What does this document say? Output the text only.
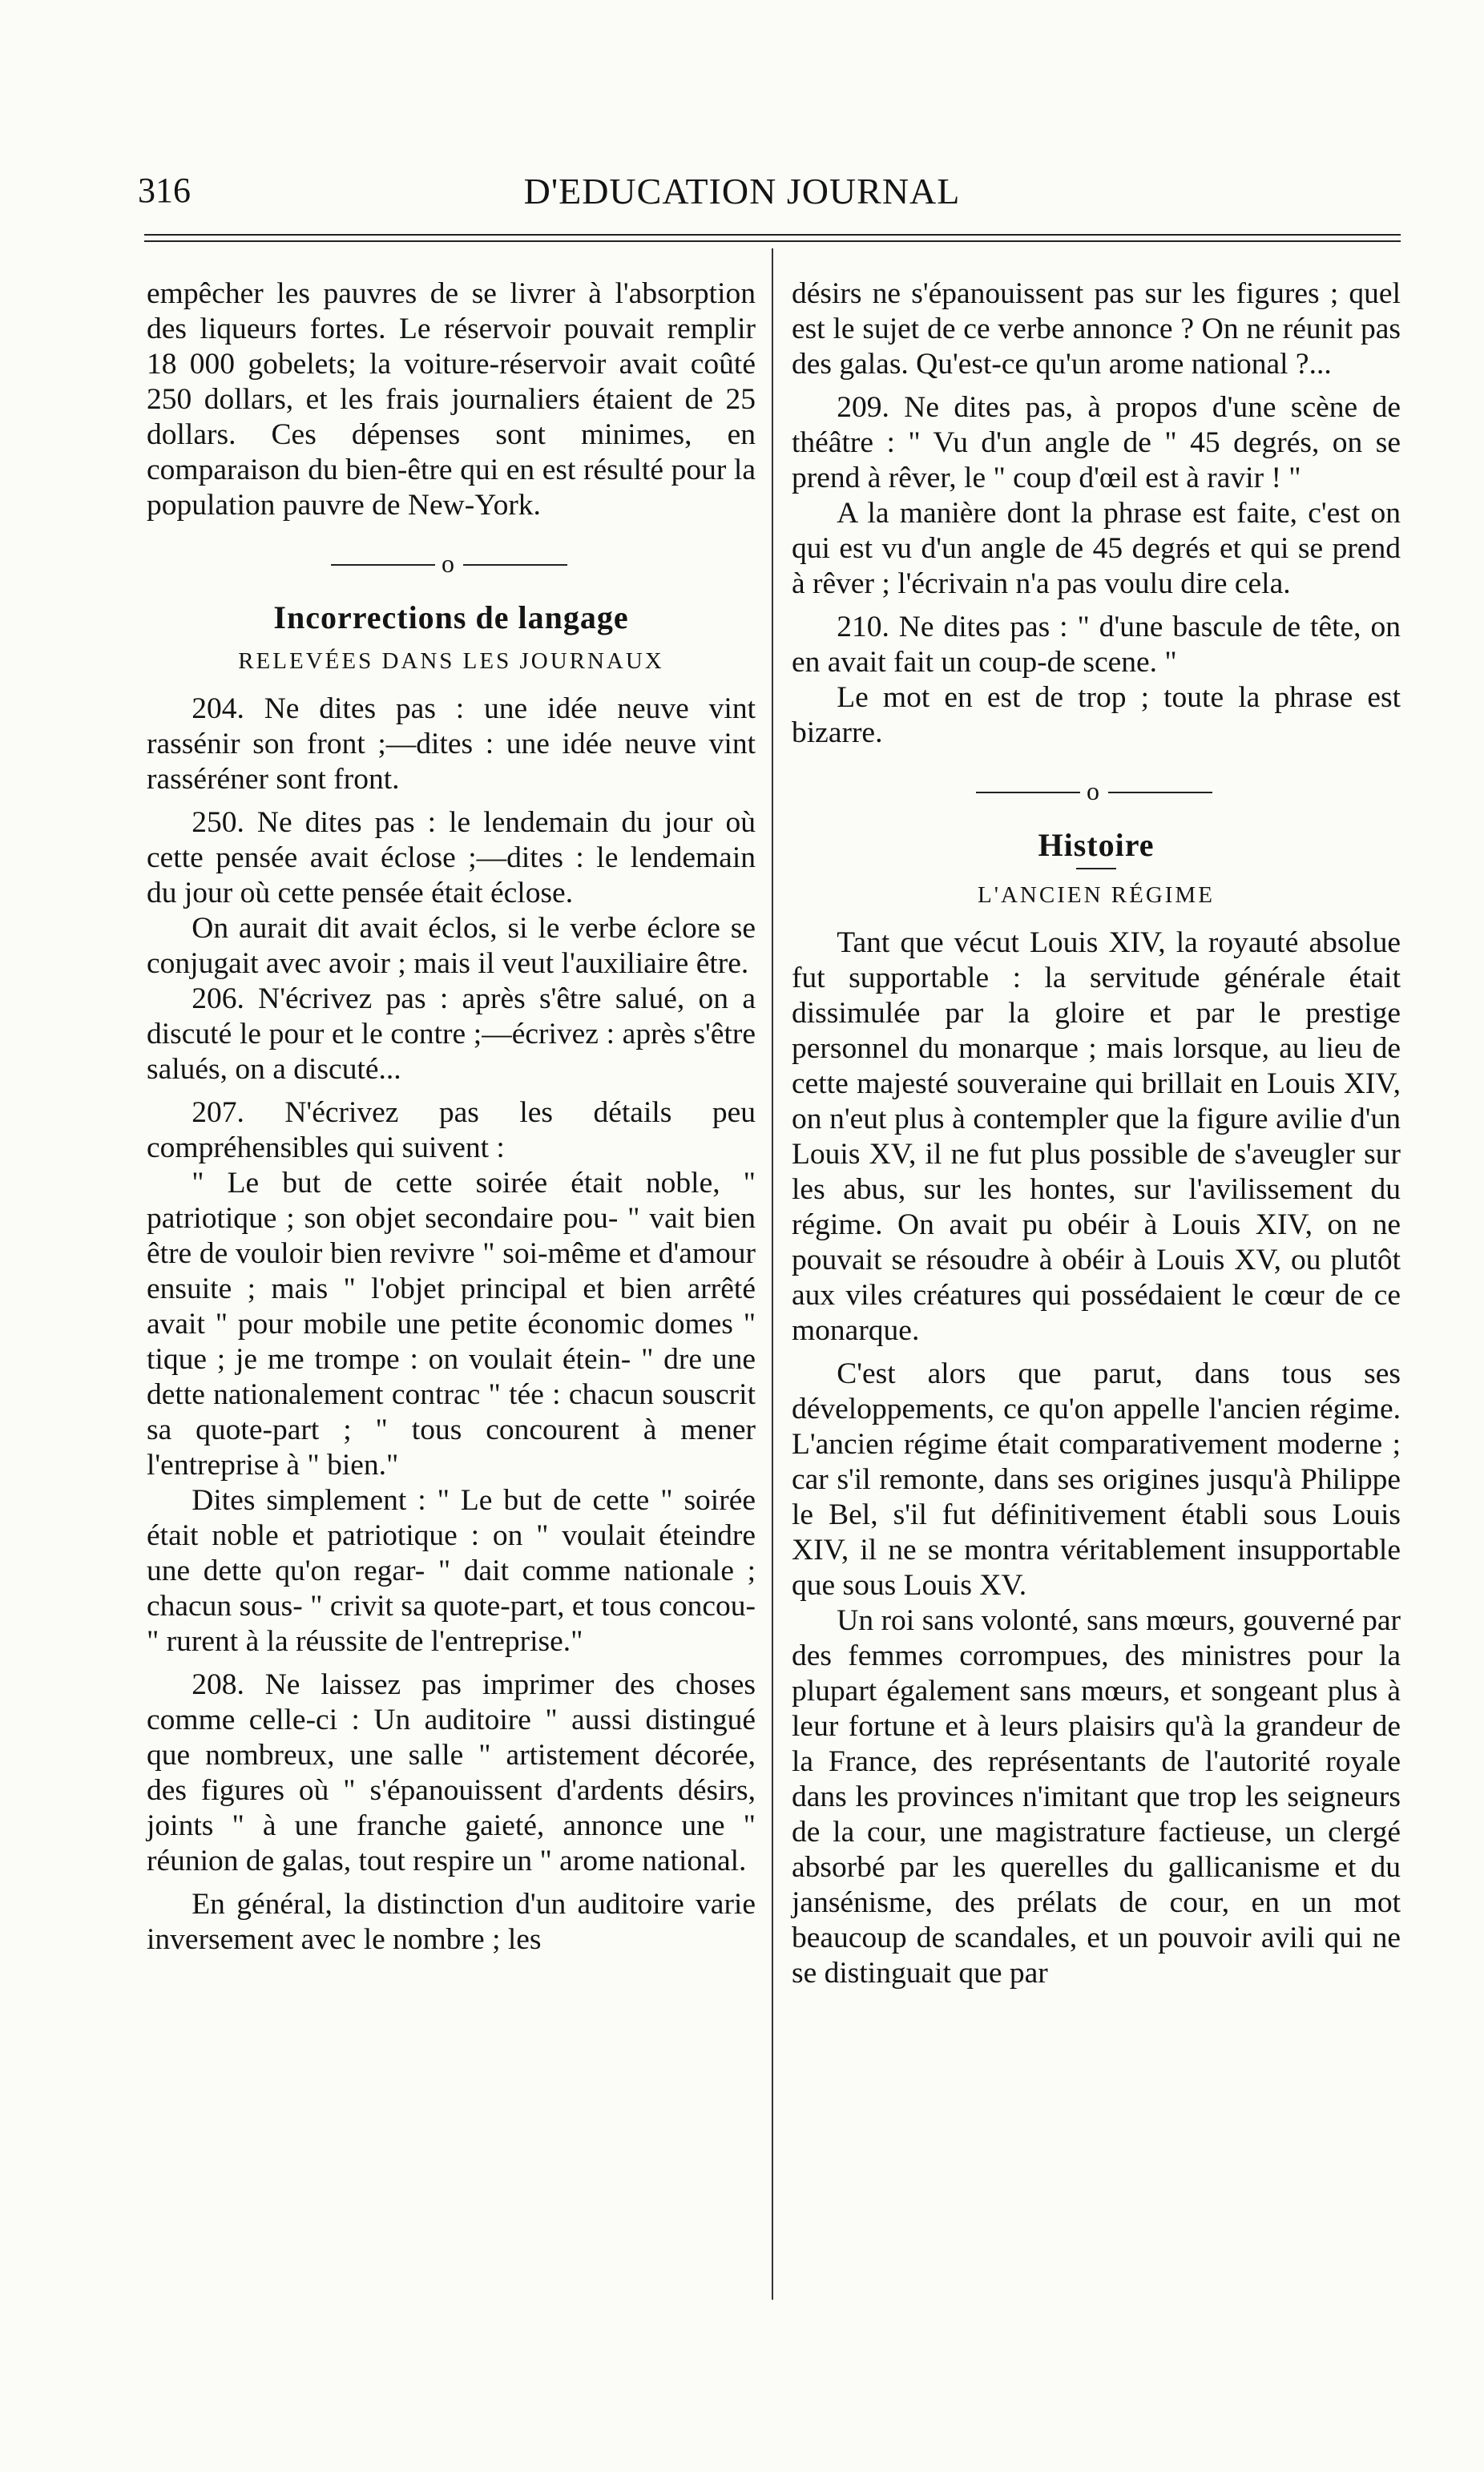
316	D'EDUCATION JOURNAL

empêcher les pauvres de se livrer à l'absorption des liqueurs fortes. Le réservoir pouvait remplir 18 000 gobelets; la voiture-réservoir avait coûté 250 dollars, et les frais journaliers étaient de 25 dollars. Ces dépenses sont minimes, en comparaison du bien-être qui en est résulté pour la population pauvre de New-York.

o

Incorrections de langage

RELEVÉES DANS LES JOURNAUX

204. Ne dites pas : une idée neuve vint rassénir son front ;—dites : une idée neuve vint rasséréner sont front.

250. Ne dites pas : le lendemain du jour où cette pensée avait éclose ;—dites : le lendemain du jour où cette pensée était éclose.

On aurait dit avait éclos, si le verbe éclore se conjugait avec avoir ; mais il veut l'auxiliaire être.

206. N'écrivez pas : après s'être salué, on a discuté le pour et le contre ;—écrivez : après s'être salués, on a discuté...

207. N'écrivez pas les détails peu compréhensibles qui suivent :

" Le but de cette soirée était noble, " patriotique ; son objet secondaire pou- " vait bien être de vouloir bien revivre " soi-même et d'amour ensuite ; mais " l'objet principal et bien arrêté avait " pour mobile une petite économic domes " tique ; je me trompe : on voulait étein- " dre une dette nationalement contrac " tée : chacun souscrit sa quote-part ; " tous concourent à mener l'entreprise à " bien."

Dites simplement : " Le but de cette " soirée était noble et patriotique : on " voulait éteindre une dette qu'on regar- " dait comme nationale ; chacun sous- " crivit sa quote-part, et tous concou- " rurent à la réussite de l'entreprise."

208. Ne laissez pas imprimer des choses comme celle-ci : Un auditoire " aussi distingué que nombreux, une salle " artistement décorée, des figures où " s'épanouissent d'ardents désirs, joints " à une franche gaieté, annonce une " réunion de galas, tout respire un " arome national.

En général, la distinction d'un auditoire varie inversement avec le nombre ; les

désirs ne s'épanouissent pas sur les figures ; quel est le sujet de ce verbe annonce ? On ne réunit pas des galas. Qu'est-ce qu'un arome national ?...

209. Ne dites pas, à propos d'une scène de théâtre : " Vu d'un angle de " 45 degrés, on se prend à rêver, le " coup d'œil est à ravir ! "

A la manière dont la phrase est faite, c'est on qui est vu d'un angle de 45 degrés et qui se prend à rêver ; l'écrivain n'a pas voulu dire cela.

210. Ne dites pas : " d'une bascule de tête, on en avait fait un coup-de scene. "

Le mot en est de trop ; toute la phrase est bizarre.

o

Histoire

L'ANCIEN RÉGIME

Tant que vécut Louis XIV, la royauté absolue fut supportable : la servitude générale était dissimulée par la gloire et par le prestige personnel du monarque ; mais lorsque, au lieu de cette majesté souveraine qui brillait en Louis XIV, on n'eut plus à contempler que la figure avilie d'un Louis XV, il ne fut plus possible de s'aveugler sur les abus, sur les hontes, sur l'avilissement du régime. On avait pu obéir à Louis XIV, on ne pouvait se résoudre à obéir à Louis XV, ou plutôt aux viles créatures qui possédaient le cœur de ce monarque.

C'est alors que parut, dans tous ses développements, ce qu'on appelle l'ancien régime. L'ancien régime était comparativement moderne ; car s'il remonte, dans ses origines jusqu'à Philippe le Bel, s'il fut définitivement établi sous Louis XIV, il ne se montra véritablement insupportable que sous Louis XV.

Un roi sans volonté, sans mœurs, gouverné par des femmes corrompues, des ministres pour la plupart également sans mœurs, et songeant plus à leur fortune et à leurs plaisirs qu'à la grandeur de la France, des représentants de l'autorité royale dans les provinces n'imitant que trop les seigneurs de la cour, une magistrature factieuse, un clergé absorbé par les querelles du gallicanisme et du jansénisme, des prélats de cour, en un mot beaucoup de scandales, et un pouvoir avili qui ne se distinguait que par
